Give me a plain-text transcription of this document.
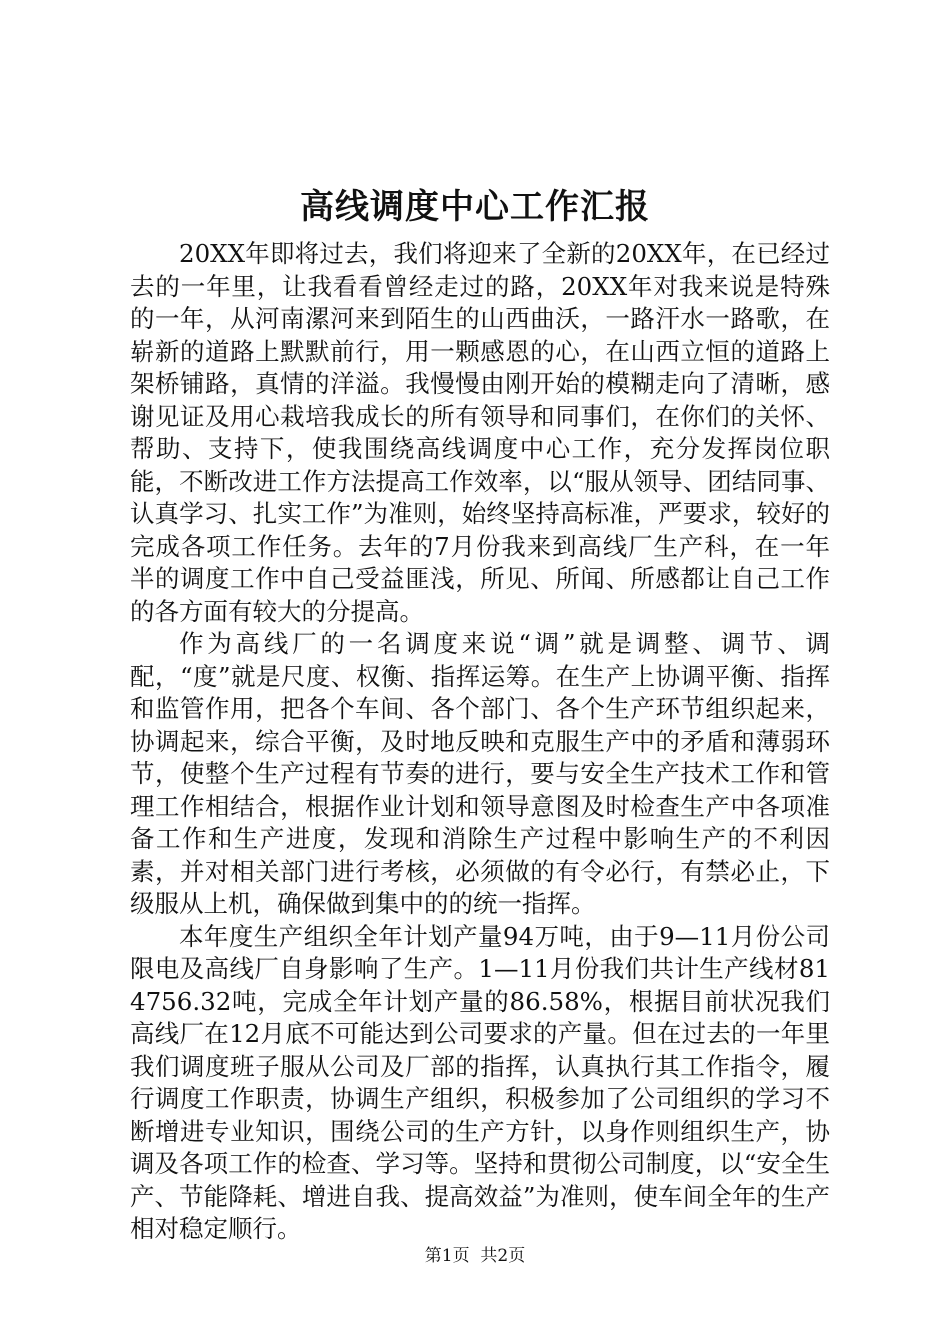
高线调度中心工作汇报

20XX年即将过去，我们将迎来了全新的20XX年，在已经过去的一年里，让我看看曾经走过的路，20XX年对我来说是特殊的一年，从河南漯河来到陌生的山西曲沃，一路汗水一路歌，在崭新的道路上默默前行，用一颗感恩的心，在山西立恒的道路上架桥铺路，真情的洋溢。我慢慢由刚开始的模糊走向了清晰，感谢见证及用心栽培我成长的所有领导和同事们，在你们的关怀、帮助、支持下，使我围绕高线调度中心工作，充分发挥岗位职能，不断改进工作方法提高工作效率，以“服从领导、团结同事、认真学习、扎实工作”为准则，始终坚持高标准，严要求，较好的完成各项工作任务。去年的7月份我来到高线厂生产科，在一年半的调度工作中自己受益匪浅，所见、所闻、所感都让自己工作的各方面有较大的分提高。

作为高线厂的一名调度来说“调”就是调整、调节、调配，“度”就是尺度、权衡、指挥运筹。在生产上协调平衡、指挥和监管作用，把各个车间、各个部门、各个生产环节组织起来，协调起来，综合平衡，及时地反映和克服生产中的矛盾和薄弱环节，使整个生产过程有节奏的进行，要与安全生产技术工作和管理工作相结合，根据作业计划和领导意图及时检查生产中各项准备工作和生产进度，发现和消除生产过程中影响生产的不利因素，并对相关部门进行考核，必须做的有令必行，有禁必止，下级服从上机，确保做到集中的的统一指挥。

本年度生产组织全年计划产量94万吨，由于9—11月份公司限电及高线厂自身影响了生产。1—11月份我们共计生产线材814756.32吨，完成全年计划产量的86.58%，根据目前状况我们高线厂在12月底不可能达到公司要求的产量。但在过去的一年里我们调度班子服从公司及厂部的指挥，认真执行其工作指令，履行调度工作职责，协调生产组织，积极参加了公司组织的学习不断增进专业知识，围绕公司的生产方针，以身作则组织生产，协调及各项工作的检查、学习等。坚持和贯彻公司制度，以“安全生产、节能降耗、增进自我、提高效益”为准则，使车间全年的生产相对稳定顺行。

第1页  共2页
